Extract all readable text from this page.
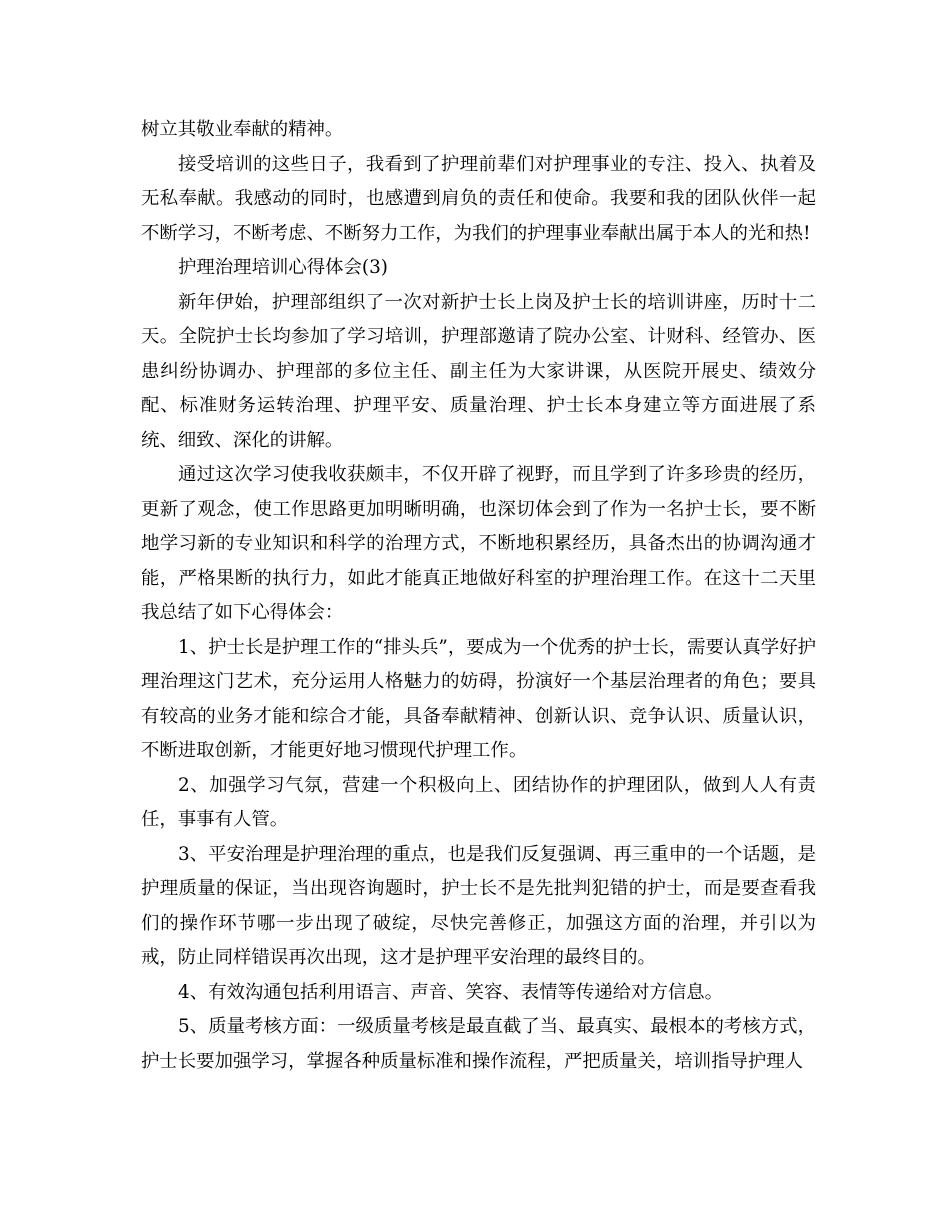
树立其敬业奉献的精神。

接受培训的这些日子，我看到了护理前辈们对护理事业的专注、投入、执着及无私奉献。我感动的同时，也感遭到肩负的责任和使命。我要和我的团队伙伴一起不断学习，不断考虑、不断努力工作，为我们的护理事业奉献出属于本人的光和热!

护理治理培训心得体会(3)

新年伊始，护理部组织了一次对新护士长上岗及护士长的培训讲座，历时十二天。全院护士长均参加了学习培训，护理部邀请了院办公室、计财科、经管办、医患纠纷协调办、护理部的多位主任、副主任为大家讲课，从医院开展史、绩效分配、标准财务运转治理、护理平安、质量治理、护士长本身建立等方面进展了系统、细致、深化的讲解。

通过这次学习使我收获颇丰，不仅开辟了视野，而且学到了许多珍贵的经历，更新了观念，使工作思路更加明晰明确，也深切体会到了作为一名护士长，要不断地学习新的专业知识和科学的治理方式，不断地积累经历，具备杰出的协调沟通才能，严格果断的执行力，如此才能真正地做好科室的护理治理工作。在这十二天里我总结了如下心得体会：

1、护士长是护理工作的“排头兵”，要成为一个优秀的护士长，需要认真学好护理治理这门艺术，充分运用人格魅力的妨碍，扮演好一个基层治理者的角色；要具有较高的业务才能和综合才能，具备奉献精神、创新认识、竞争认识、质量认识，不断进取创新，才能更好地习惯现代护理工作。

2、加强学习气氛，营建一个积极向上、团结协作的护理团队，做到人人有责任，事事有人管。

3、平安治理是护理治理的重点，也是我们反复强调、再三重申的一个话题，是护理质量的保证，当出现咨询题时，护士长不是先批判犯错的护士，而是要查看我们的操作环节哪一步出现了破绽，尽快完善修正，加强这方面的治理，并引以为戒，防止同样错误再次出现，这才是护理平安治理的最终目的。

4、有效沟通包括利用语言、声音、笑容、表情等传递给对方信息。

5、质量考核方面：一级质量考核是最直截了当、最真实、最根本的考核方式，护士长要加强学习，掌握各种质量标准和操作流程，严把质量关，培训指导护理人
